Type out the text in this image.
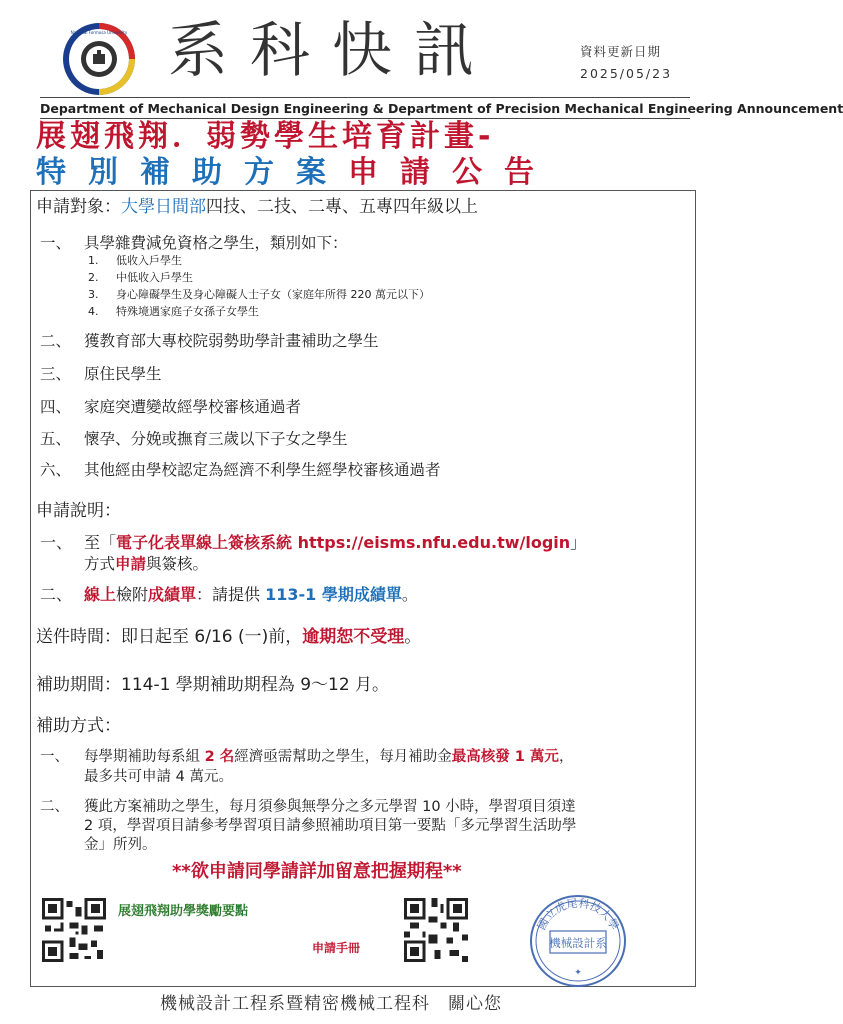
National Formosa University 系科快訊	資料更新日期
2025/05/23
Department of Mechanical Design Engineering & Department of Precision Mechanical Engineering Announcement
展翅飛翔．弱勢學生培育計畫-
特別補助方案申請公告
申請對象：大學日間部四技、二技、二專、五專四年級以上
一、 具學雜費減免資格之學生，類別如下：
1. 低收入戶學生
2. 中低收入戶學生
3. 身心障礙學生及身心障礙人士子女（家庭年所得 220 萬元以下）
4. 特殊境遇家庭子女孫子女學生
二、 獲教育部大專校院弱勢助學計畫補助之學生
三、 原住民學生
四、 家庭突遭變故經學校審核通過者
五、 懷孕、分娩或撫育三歲以下子女之學生
六、 其他經由學校認定為經濟不利學生經學校審核通過者
申請說明：
一、 至「電子化表單線上簽核系統 https://eisms.nfu.edu.tw/login」
方式申請與簽核。
二、 線上檢附成績單：請提供 113-1 學期成績單。
送件時間：即日起至 6/16 (一)前，逾期恕不受理。
補助期間：114-1 學期補助期程為 9～12 月。
補助方式：
一、 每學期補助每系組 2 名經濟亟需幫助之學生，每月補助金最高核發 1 萬元，
最多共可申請 4 萬元。
二、 獲此方案補助之學生，每月須參與無學分之多元學習 10 小時，學習項目須達
2 項，學習項目請參考學習項目請參照補助項目第一要點「多元學習生活助學
金」所列。
**欲申請同學請詳加留意把握期程**
展翅飛翔助學獎勵要點
申請手冊
國立虎尾科技大學
機械設計系
✦
機械設計工程系暨精密機械工程科　關心您
